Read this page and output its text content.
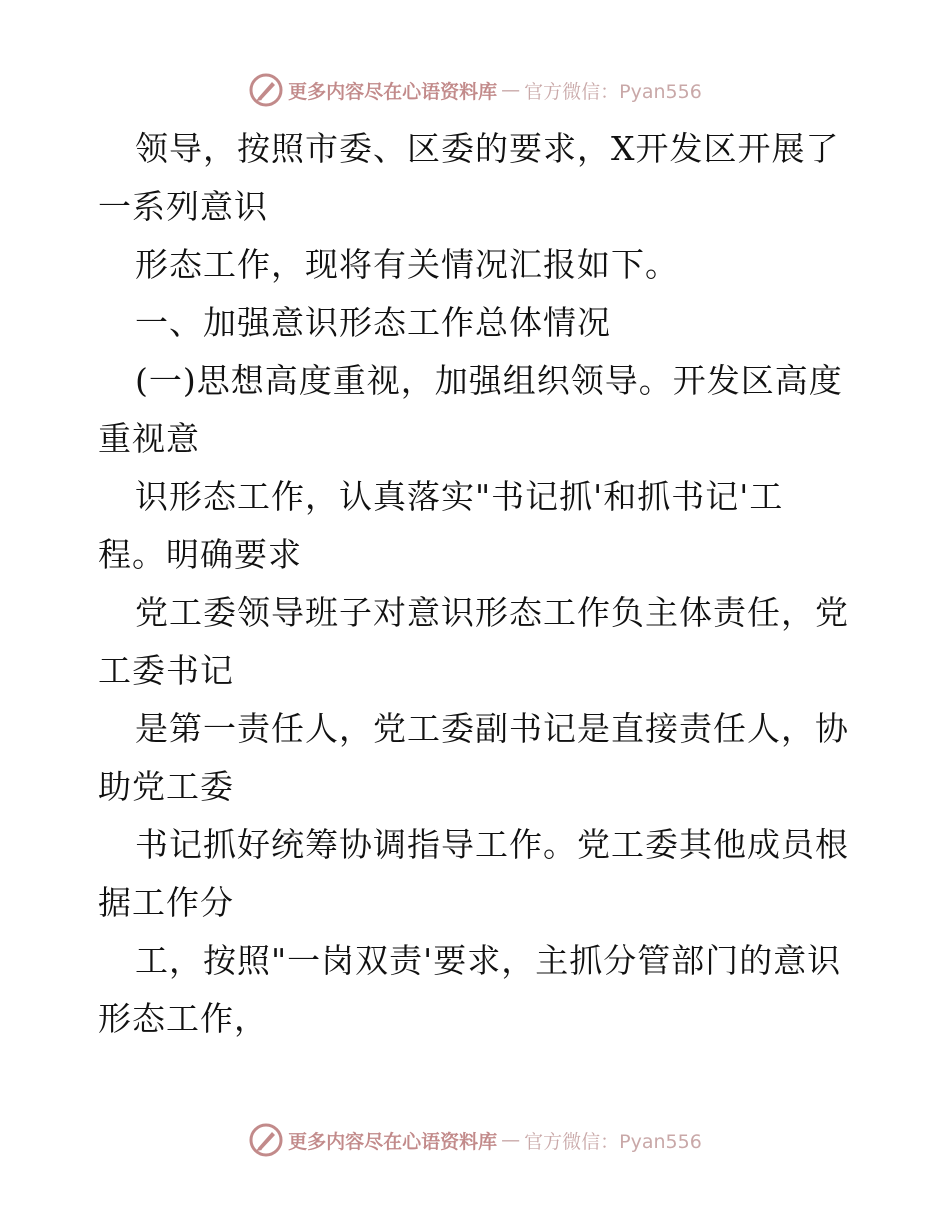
更多内容尽在心语资料库 — 官方微信：Pyan556
领导，按照市委、区委的要求，X开发区开展了
一系列意识
形态工作，现将有关情况汇报如下。
一、加强意识形态工作总体情况
(一)思想高度重视，加强组织领导。开发区高度
重视意
识形态工作，认真落实"书记抓'和抓书记'工
程。明确要求
党工委领导班子对意识形态工作负主体责任，党
工委书记
是第一责任人，党工委副书记是直接责任人，协
助党工委
书记抓好统筹协调指导工作。党工委其他成员根
据工作分
工，按照"一岗双责'要求，主抓分管部门的意识
形态工作，
更多内容尽在心语资料库 — 官方微信：Pyan556
